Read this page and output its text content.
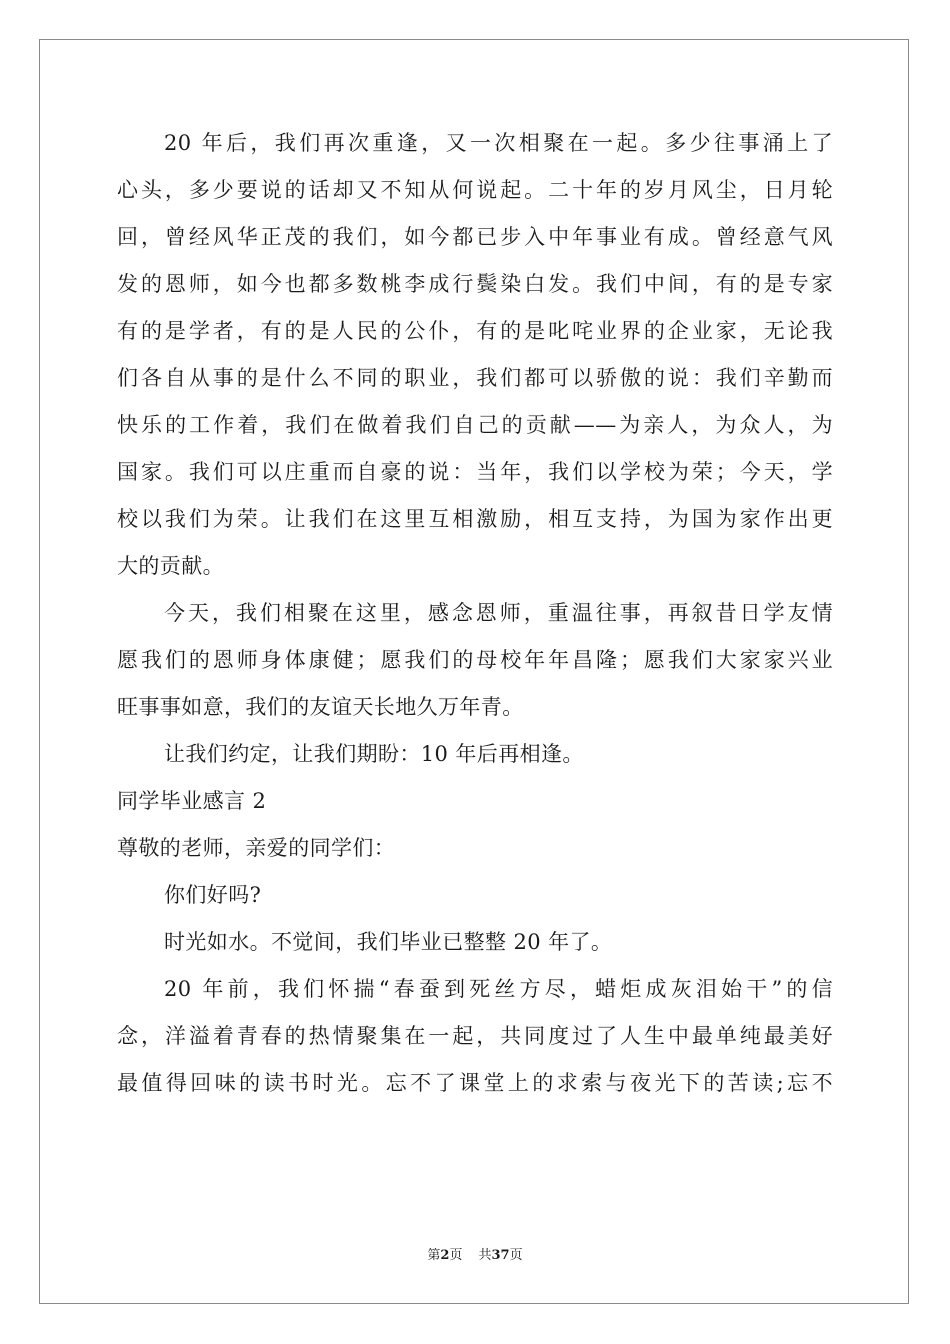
20 年后，我们再次重逢，又一次相聚在一起。多少往事涌上了
心头，多少要说的话却又不知从何说起。二十年的岁月风尘，日月轮
回，曾经风华正茂的我们，如今都已步入中年事业有成。曾经意气风
发的恩师，如今也都多数桃李成行鬓染白发。我们中间，有的是专家
有的是学者，有的是人民的公仆，有的是叱咤业界的企业家，无论我
们各自从事的是什么不同的职业，我们都可以骄傲的说：我们辛勤而
快乐的工作着，我们在做着我们自己的贡献——为亲人，为众人，为
国家。我们可以庄重而自豪的说：当年，我们以学校为荣；今天，学
校以我们为荣。让我们在这里互相激励，相互支持，为国为家作出更
大的贡献。
今天，我们相聚在这里，感念恩师，重温往事，再叙昔日学友情
愿我们的恩师身体康健；愿我们的母校年年昌隆；愿我们大家家兴业
旺事事如意，我们的友谊天长地久万年青。
让我们约定，让我们期盼：10 年后再相逢。
同学毕业感言 2
尊敬的老师，亲爱的同学们：
你们好吗?
时光如水。不觉间，我们毕业已整整 20 年了。
20 年前，我们怀揣“春蚕到死丝方尽，蜡炬成灰泪始干”的信
念，洋溢着青春的热情聚集在一起，共同度过了人生中最单纯最美好
最值得回味的读书时光。忘不了课堂上的求索与夜光下的苦读;忘不
第2页 共37页
